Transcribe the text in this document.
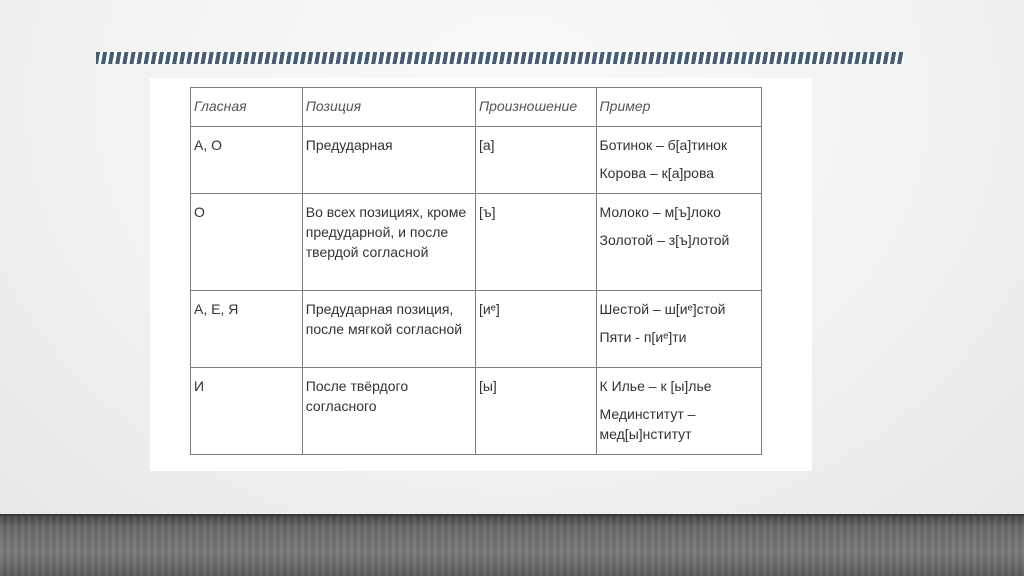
Гласная	Позиция	Произношение	Пример
А, О	Предударная	[а]	Ботинок – б[а]тинок
Корова – к[а]рова

О	Во всех позициях, кроме предударной, и после твердой согласной	[ъ]	Молоко – м[ъ]локо
Золотой – з[ъ]лотой

А, Е, Я	Предударная позиция, после мягкой согласной	[иᵉ]	Шестой – ш[иᵉ]стой
Пяти - п[иᵉ]ти

И	После твёрдого согласного	[ы]	К Илье – к [ы]лье
Мединститут – мед[ы]нститут
